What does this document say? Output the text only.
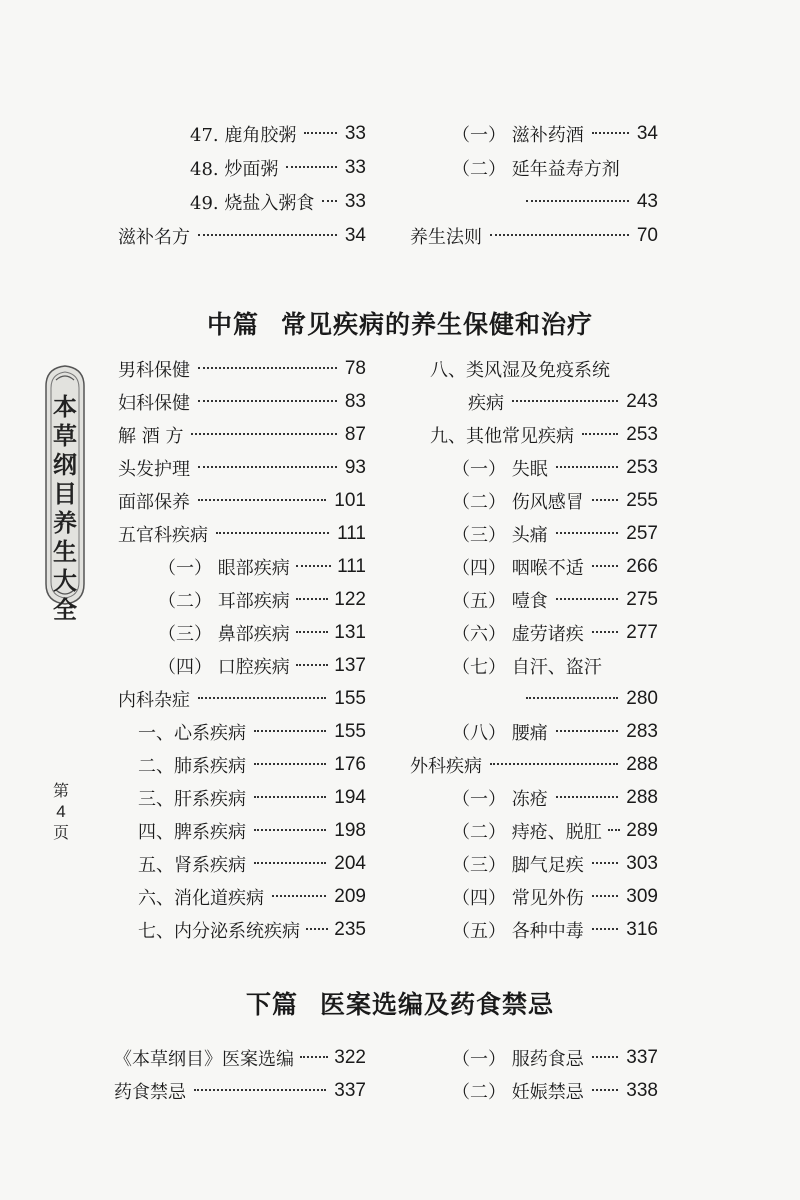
47. 鹿角胶粥	33
48. 炒面粥	33
49. 烧盐入粥食 33
滋补名方	34
（一） 滋补药酒	34
（二） 延年益寿方剂
43
养生法则	70
中篇 常见疾病的养生保健和治疗
男科保健	78
妇科保健	83
解 酒 方	87
头发护理	93
面部保养	101
五官科疾病	111
（一） 眼部疾病 111
（二） 耳部疾病 122
（三） 鼻部疾病 131
（四） 口腔疾病 137
内科杂症	155
一、心系疾病	155
二、肺系疾病	176
三、肝系疾病	194
四、脾系疾病	198
五、肾系疾病	204
六、消化道疾病	209
七、内分泌系统疾病 235
八、类风湿及免疫系统
疾病	243
九、其他常见疾病	253
（一） 失眠	253
（二） 伤风感冒 255
（三） 头痛	257
（四） 咽喉不适 266
（五） 噎食	275
（六） 虚劳诸疾 277
（七） 自汗、盗汗
280
（八） 腰痛	283
外科疾病	288
（一） 冻疮	288
（二） 痔疮、脱肛 289
（三） 脚气足疾 303
（四） 常见外伤 309
（五） 各种中毒 316
下篇 医案选编及药食禁忌
《本草纲目》医案选编 322
药食禁忌	337
（一） 服药食忌 337
（二） 妊娠禁忌 338
本
草
纲
目
养
生
大
全
第
4
页
